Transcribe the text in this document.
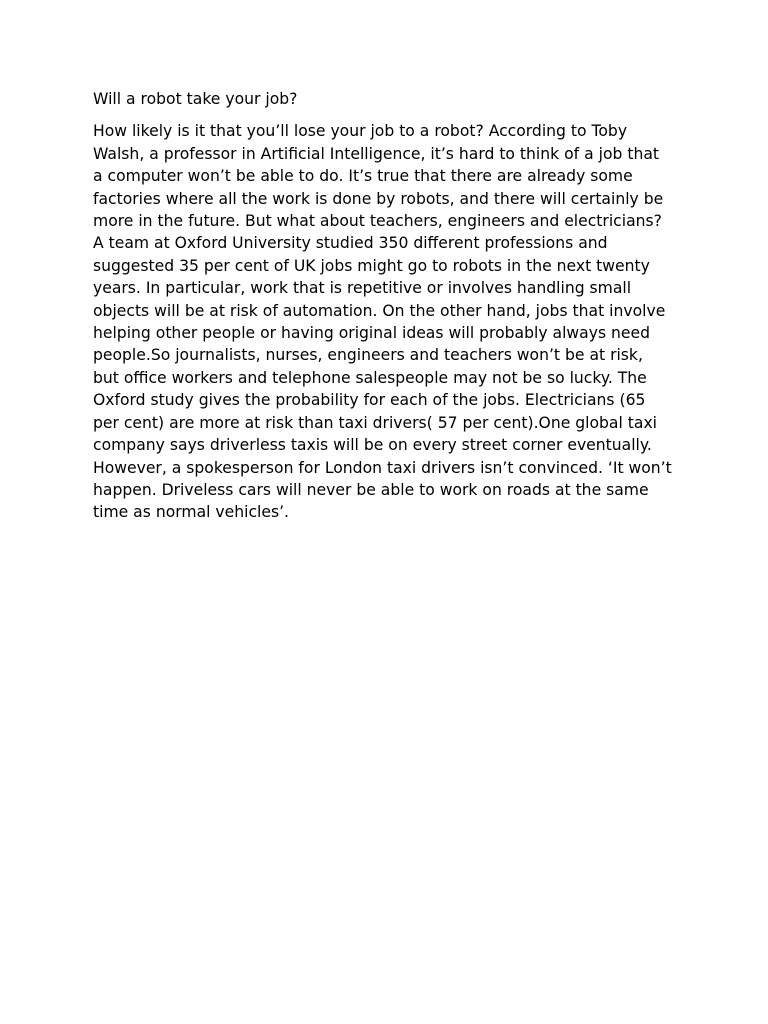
Will a robot take your job?

How likely is it that you’ll lose your job to a robot? According to Toby Walsh, a professor in Artificial Intelligence, it’s hard to think of a job that a computer won’t be able to do. It’s true that there are already some factories where all the work is done by robots, and there will certainly be more in the future. But what about teachers, engineers and electricians? A team at Oxford University studied 350 different professions and suggested 35 per cent of UK jobs might go to robots in the next twenty years. In particular, work that is repetitive or involves handling small objects will be at risk of automation. On the other hand, jobs that involve helping other people or having original ideas will probably always need people.So journalists, nurses, engineers and teachers won’t be at risk, but office workers and telephone salespeople may not be so lucky. The Oxford study gives the probability for each of the jobs. Electricians (65 per cent) are more at risk than taxi drivers( 57 per cent).One global taxi company says driverless taxis will be on every street corner eventually. However, a spokesperson for London taxi drivers isn’t convinced. ‘It won’t happen. Driveless cars will never be able to work on roads at the same time as normal vehicles’.
